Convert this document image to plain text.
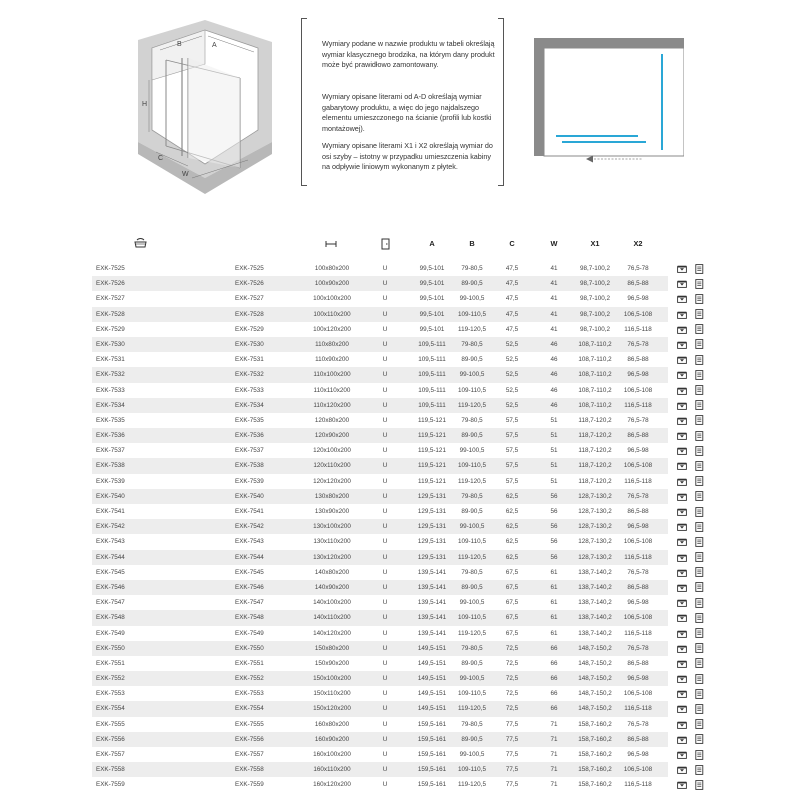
B	A
H
C
W

Wymiary podane w nazwie produktu w tabeli określają wymiar klasycznego brodzika, na którym dany produkt może być prawidłowo zamontowany.

Wymiary opisane literami od A-D określają wymiar gabarytowy produktu, a więc do jego najdalszego elementu umieszczonego na ścianie (profili lub kostki montażowej).

Wymiary opisane literami X1 i X2 określają wymiar do osi szyby – istotny w przypadku umieszczenia kabiny na odpływie liniowym wykonanym z płytek.

A	B	C	W	X1	X2
EXK-7525	EXK-7525	100x80x200	U	99,5-101	79-80,5	47,5	41	98,7-100,2	76,5-78
EXK-7526	EXK-7526	100x90x200	U	99,5-101	89-90,5	47,5	41	98,7-100,2	86,5-88
EXK-7527	EXK-7527	100x100x200	U	99,5-101	99-100,5	47,5	41	98,7-100,2	96,5-98
EXK-7528	EXK-7528	100x110x200	U	99,5-101	109-110,5	47,5	41	98,7-100,2	106,5-108
EXK-7529	EXK-7529	100x120x200	U	99,5-101	119-120,5	47,5	41	98,7-100,2	116,5-118
EXK-7530	EXK-7530	110x80x200	U	109,5-111	79-80,5	52,5	46	108,7-110,2	76,5-78
EXK-7531	EXK-7531	110x90x200	U	109,5-111	89-90,5	52,5	46	108,7-110,2	86,5-88
EXK-7532	EXK-7532	110x100x200	U	109,5-111	99-100,5	52,5	46	108,7-110,2	96,5-98
EXK-7533	EXK-7533	110x110x200	U	109,5-111	109-110,5	52,5	46	108,7-110,2	106,5-108
EXK-7534	EXK-7534	110x120x200	U	109,5-111	119-120,5	52,5	46	108,7-110,2	116,5-118
EXK-7535	EXK-7535	120x80x200	U	119,5-121	79-80,5	57,5	51	118,7-120,2	76,5-78
EXK-7536	EXK-7536	120x90x200	U	119,5-121	89-90,5	57,5	51	118,7-120,2	86,5-88
EXK-7537	EXK-7537	120x100x200	U	119,5-121	99-100,5	57,5	51	118,7-120,2	96,5-98
EXK-7538	EXK-7538	120x110x200	U	119,5-121	109-110,5	57,5	51	118,7-120,2	106,5-108
EXK-7539	EXK-7539	120x120x200	U	119,5-121	119-120,5	57,5	51	118,7-120,2	116,5-118
EXK-7540	EXK-7540	130x80x200	U	129,5-131	79-80,5	62,5	56	128,7-130,2	76,5-78
EXK-7541	EXK-7541	130x90x200	U	129,5-131	89-90,5	62,5	56	128,7-130,2	86,5-88
EXK-7542	EXK-7542	130x100x200	U	129,5-131	99-100,5	62,5	56	128,7-130,2	96,5-98
EXK-7543	EXK-7543	130x110x200	U	129,5-131	109-110,5	62,5	56	128,7-130,2	106,5-108
EXK-7544	EXK-7544	130x120x200	U	129,5-131	119-120,5	62,5	56	128,7-130,2	116,5-118
EXK-7545	EXK-7545	140x80x200	U	139,5-141	79-80,5	67,5	61	138,7-140,2	76,5-78
EXK-7546	EXK-7546	140x90x200	U	139,5-141	89-90,5	67,5	61	138,7-140,2	86,5-88
EXK-7547	EXK-7547	140x100x200	U	139,5-141	99-100,5	67,5	61	138,7-140,2	96,5-98
EXK-7548	EXK-7548	140x110x200	U	139,5-141	109-110,5	67,5	61	138,7-140,2	106,5-108
EXK-7549	EXK-7549	140x120x200	U	139,5-141	119-120,5	67,5	61	138,7-140,2	116,5-118
EXK-7550	EXK-7550	150x80x200	U	149,5-151	79-80,5	72,5	66	148,7-150,2	76,5-78
EXK-7551	EXK-7551	150x90x200	U	149,5-151	89-90,5	72,5	66	148,7-150,2	86,5-88
EXK-7552	EXK-7552	150x100x200	U	149,5-151	99-100,5	72,5	66	148,7-150,2	96,5-98
EXK-7553	EXK-7553	150x110x200	U	149,5-151	109-110,5	72,5	66	148,7-150,2	106,5-108
EXK-7554	EXK-7554	150x120x200	U	149,5-151	119-120,5	72,5	66	148,7-150,2	116,5-118
EXK-7555	EXK-7555	160x80x200	U	159,5-161	79-80,5	77,5	71	158,7-160,2	76,5-78
EXK-7556	EXK-7556	160x90x200	U	159,5-161	89-90,5	77,5	71	158,7-160,2	86,5-88
EXK-7557	EXK-7557	160x100x200	U	159,5-161	99-100,5	77,5	71	158,7-160,2	96,5-98
EXK-7558	EXK-7558	160x110x200	U	159,5-161	109-110,5	77,5	71	158,7-160,2	106,5-108
EXK-7559	EXK-7559	160x120x200	U	159,5-161	119-120,5	77,5	71	158,7-160,2	116,5-118
